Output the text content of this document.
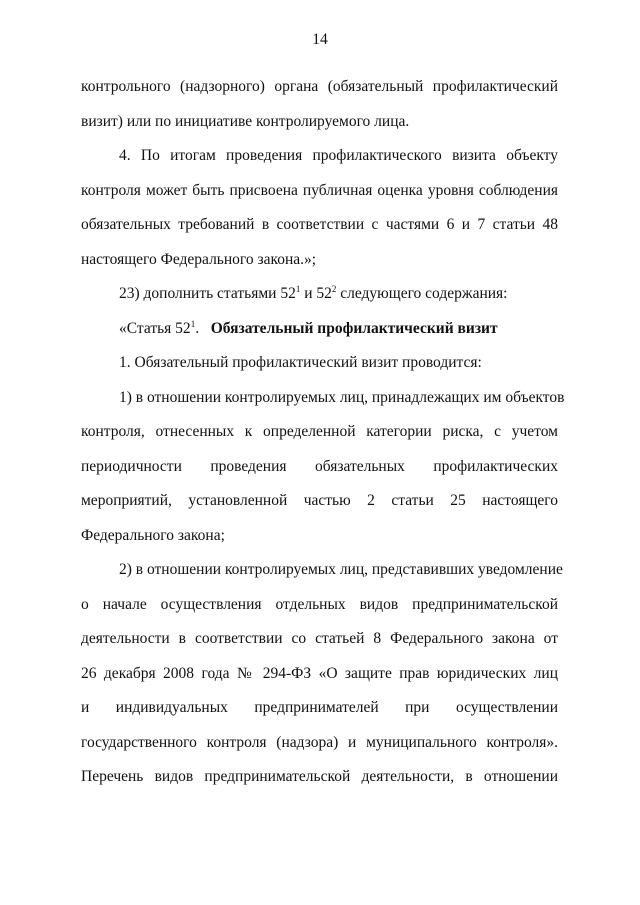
14
контрольного (надзорного) органа (обязательный профилактический
визит) или по инициативе контролируемого лица.
4. По итогам проведения профилактического визита объекту
контроля может быть присвоена публичная оценка уровня соблюдения
обязательных требований в соответствии с частями 6 и 7 статьи 48
настоящего Федерального закона.»;
23) дополнить статьями $52^1$ и $52^2$ следующего содержания:
«Статья $52^1$. Обязательный профилактический визит
1. Обязательный профилактический визит проводится:
1) в отношении контролируемых лиц, принадлежащих им объектов
контроля, отнесенных к определенной категории риска, с учетом
периодичности проведения обязательных профилактических
мероприятий, установленной частью 2 статьи 25 настоящего
Федерального закона;
2) в отношении контролируемых лиц, представивших уведомление
о начале осуществления отдельных видов предпринимательской
деятельности в соответствии со статьей 8 Федерального закона от
26 декабря 2008 года № 294-ФЗ «О защите прав юридических лиц
и индивидуальных предпринимателей при осуществлении
государственного контроля (надзора) и муниципального контроля».
Перечень видов предпринимательской деятельности, в отношении
